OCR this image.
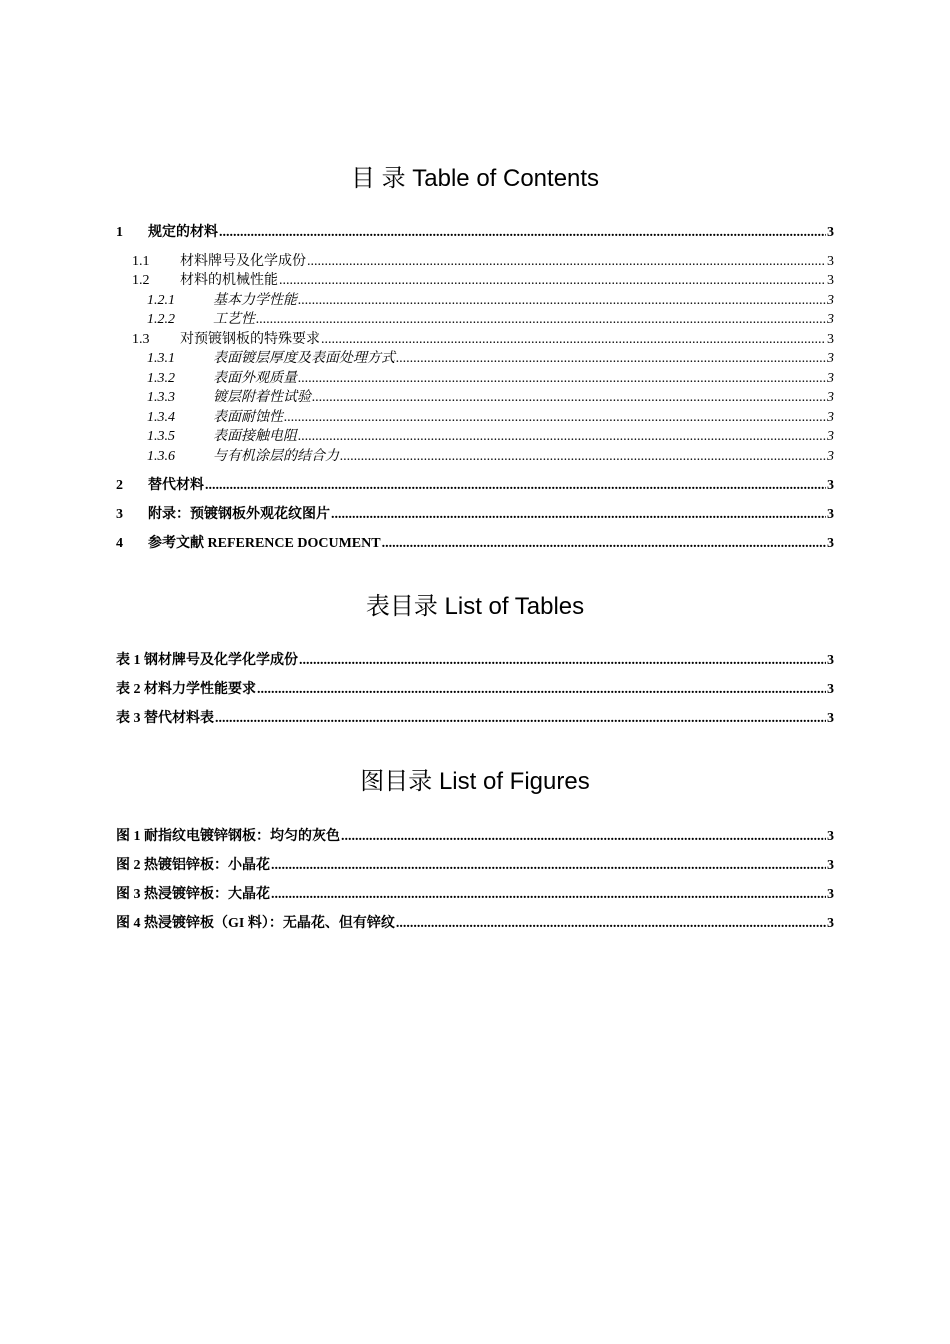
目 录 Table of Contents
1	规定的材料 .....	3
1.1	材料牌号及化学成份 .....	3
1.2	材料的机械性能 .....	3
1.2.1	基本力学性能 .....	3
1.2.2	工艺性 .....	3
1.3	对预镀钢板的特殊要求 .....	3
1.3.1	表面镀层厚度及表面处理方式 .....	3
1.3.2	表面外观质量 .....	3
1.3.3	镀层附着性试验 .....	3
1.3.4	表面耐蚀性 .....	3
1.3.5	表面接触电阻 .....	3
1.3.6	与有机涂层的结合力 .....	3
2	替代材料 .....	3
3	附录：预镀钢板外观花纹图片 .....	3
4	参考文献 REFERENCE DOCUMENT .....	3
表目录 List of Tables
表 1 钢材牌号及化学化学成份 .....	3
表 2 材料力学性能要求 .....	3
表 3 替代材料表 .....	3
图目录 List of Figures
图 1 耐指纹电镀锌钢板：均匀的灰色 .....	3
图 2 热镀铝锌板：小晶花 .....	3
图 3 热浸镀锌板：大晶花 .....	3
图 4 热浸镀锌板（GI 料）：无晶花、但有锌纹 .....	3
